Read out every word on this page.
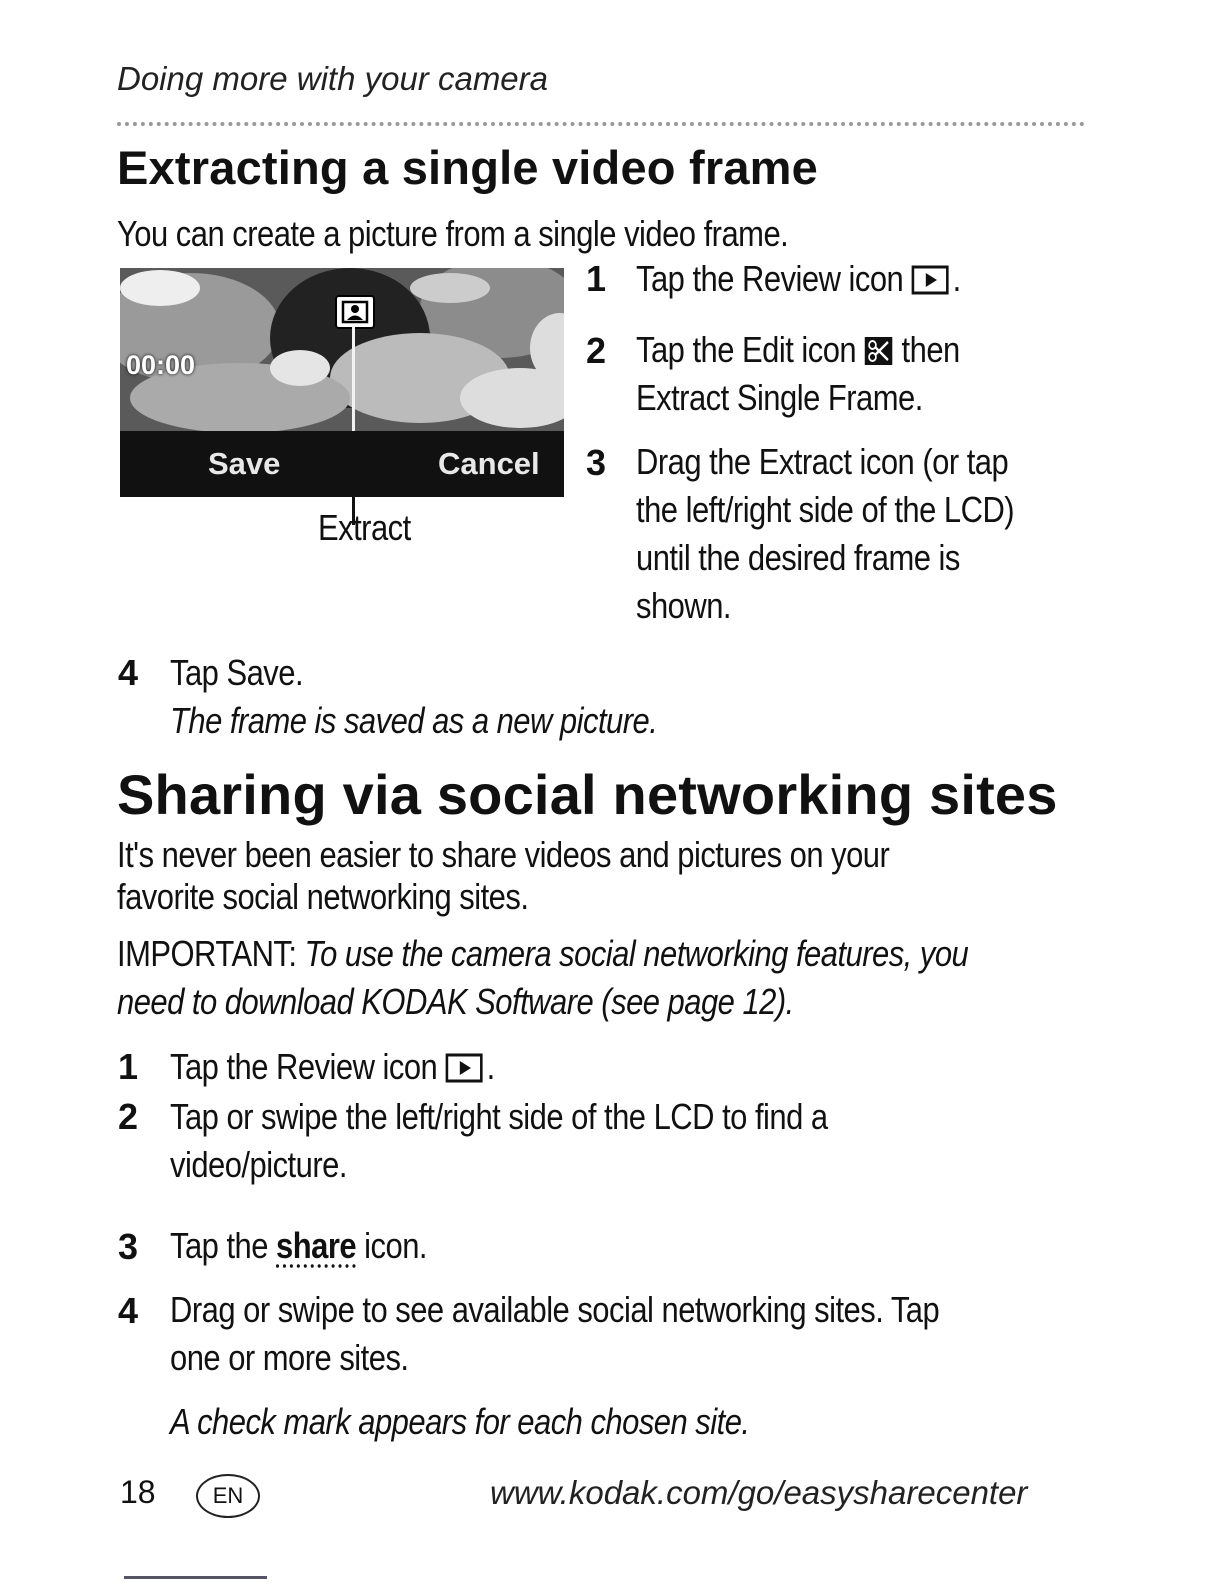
Doing more with your camera
Extracting a single video frame
You can create a picture from a single video frame.
00:00
Save	Cancel
Extract
1 Tap the Review icon .
2 Tap the Edit icon then
Extract Single Frame.
3 Drag the Extract icon (or tap
the left/right side of the LCD)
until the desired frame is
shown.
4 Tap Save.
The frame is saved as a new picture.
Sharing via social networking sites
It's never been easier to share videos and pictures on your
favorite social networking sites.
IMPORTANT: To use the camera social networking features, you
need to download KODAK Software (see page 12).
1 Tap the Review icon .
2 Tap or swipe the left/right side of the LCD to find a
video/picture.
3 Tap the share icon.
4 Drag or swipe to see available social networking sites. Tap
one or more sites.
A check mark appears for each chosen site.
18	EN	www.kodak.com/go/easysharecenter
